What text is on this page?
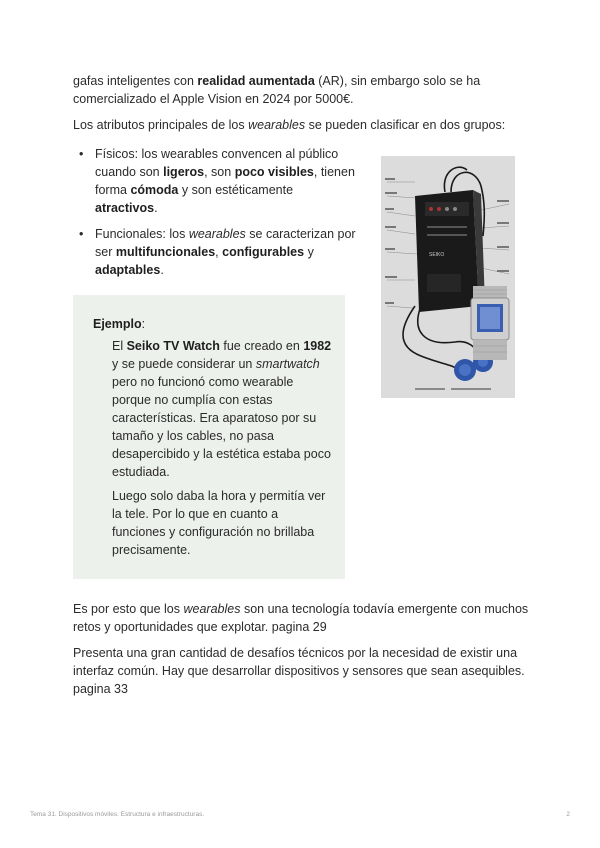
gafas inteligentes con realidad aumentada (AR), sin embargo solo se ha comercializado el Apple Vision en 2024 por 5000€.

Los atributos principales de los wearables se pueden clasificar en dos grupos:

• Físicos: los wearables convencen al público cuando son ligeros, son poco visibles, tienen forma cómoda y son estéticamente atractivos.
• Funcionales: los wearables se caracterizan por ser multifuncionales, configurables y adaptables.
SEIKO

Ejemplo:

El Seiko TV Watch fue creado en 1982 y se puede considerar un smartwatch pero no funcionó como wearable porque no cumplía con estas características. Era aparatoso por su tamaño y los cables, no pasa desapercibido y la estética estaba poco estudiada.

Luego solo daba la hora y permitía ver la tele. Por lo que en cuanto a funciones y configuración no brillaba precisamente.

Es por esto que los wearables son una tecnología todavía emergente con muchos retos y oportunidades que explotar. pagina 29

Presenta una gran cantidad de desafíos técnicos por la necesidad de existir una interfaz común. Hay que desarrollar dispositivos y sensores que sean asequibles. pagina 33

Tema 31. Dispositivos móviles. Estructura e infraestructuras.	2
